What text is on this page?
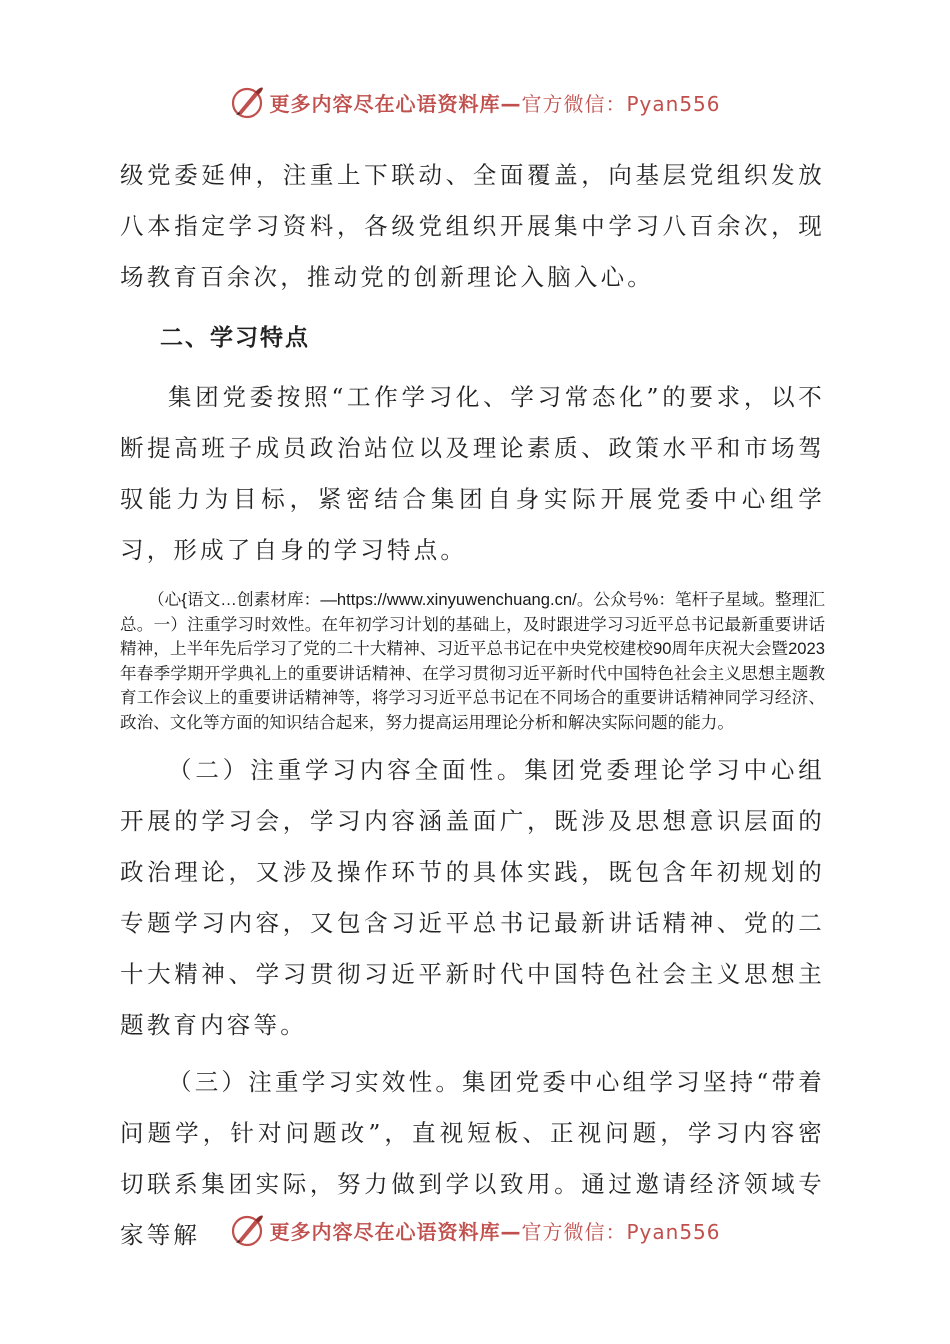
更多内容尽在心语资料库—官方微信：Pyan556

级党委延伸，注重上下联动、全面覆盖，向基层党组织发放八本指定学习资料，各级党组织开展集中学习八百余次，现场教育百余次，推动党的创新理论入脑入心。

二、学习特点

集团党委按照“工作学习化、学习常态化”的要求，以不断提高班子成员政治站位以及理论素质、政策水平和市场驾驭能力为目标，紧密结合集团自身实际开展党委中心组学习，形成了自身的学习特点。

（心{语文…创素材库：—https://www.xinyuwenchuang.cn/。公众号%：笔杆子星域。整理汇总。一）注重学习时效性。在年初学习计划的基础上，及时跟进学习习近平总书记最新重要讲话精神，上半年先后学习了党的二十大精神、习近平总书记在中央党校建校90周年庆祝大会暨2023年春季学期开学典礼上的重要讲话精神、在学习贯彻习近平新时代中国特色社会主义思想主题教育工作会议上的重要讲话精神等，将学习习近平总书记在不同场合的重要讲话精神同学习经济、政治、文化等方面的知识结合起来，努力提高运用理论分析和解决实际问题的能力。

（二）注重学习内容全面性。集团党委理论学习中心组开展的学习会，学习内容涵盖面广，既涉及思想意识层面的政治理论，又涉及操作环节的具体实践，既包含年初规划的专题学习内容，又包含习近平总书记最新讲话精神、党的二十大精神、学习贯彻习近平新时代中国特色社会主义思想主题教育内容等。

（三）注重学习实效性。集团党委中心组学习坚持“带着问题学，针对问题改”，直视短板、正视问题，学习内容密切联系集团实际，努力做到学以致用。通过邀请经济领域专家等解	更多内容尽在心语资料库—官方微信：Pyan556
